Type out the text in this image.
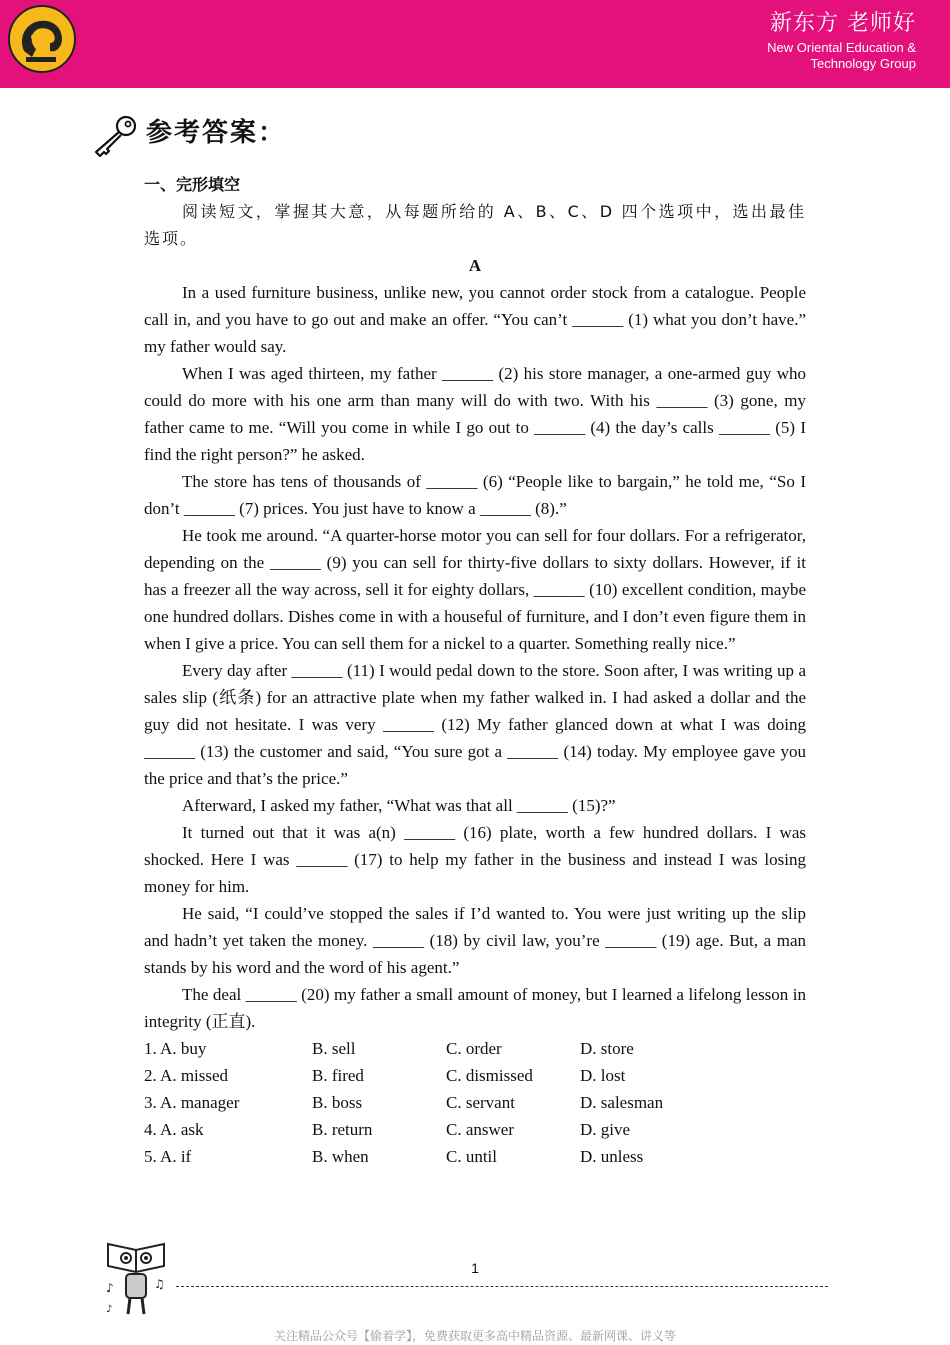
新东方 老师好
New Oriental Education &
Technology Group
参考答案：
一、完形填空
阅读短文，掌握其大意，从每题所给的 A、B、C、D 四个选项中，选出最佳选项。
A
In a used furniture business, unlike new, you cannot order stock from a catalogue. People call in, and you have to go out and make an offer. “You can’t ______ (1) what you don’t have.” my father would say.
When I was aged thirteen, my father ______ (2) his store manager, a one-armed guy who could do more with his one arm than many will do with two. With his ______ (3) gone, my father came to me. “Will you come in while I go out to ______ (4) the day’s calls ______ (5) I find the right person?” he asked.
The store has tens of thousands of ______ (6) “People like to bargain,” he told me, “So I don’t ______ (7) prices. You just have to know a ______ (8).”
He took me around. “A quarter-horse motor you can sell for four dollars. For a refrigerator, depending on the ______ (9) you can sell for thirty-five dollars to sixty dollars. However, if it has a freezer all the way across, sell it for eighty dollars, ______ (10) excellent condition, maybe one hundred dollars. Dishes come in with a houseful of furniture, and I don’t even figure them in when I give a price. You can sell them for a nickel to a quarter. Something really nice.”
Every day after ______ (11) I would pedal down to the store. Soon after, I was writing up a sales slip (纸条) for an attractive plate when my father walked in. I had asked a dollar and the guy did not hesitate. I was very ______ (12) My father glanced down at what I was doing ______ (13) the customer and said, “You sure got a ______ (14) today. My employee gave you the price and that’s the price.”
Afterward, I asked my father, “What was that all ______ (15)?”
It turned out that it was a(n) ______ (16) plate, worth a few hundred dollars. I was shocked. Here I was ______ (17) to help my father in the business and instead I was losing money for him.
He said, “I could’ve stopped the sales if I’d wanted to. You were just writing up the slip and hadn’t yet taken the money. ______ (18) by civil law, you’re ______ (19) age. But, a man stands by his word and the word of his agent.”
The deal ______ (20) my father a small amount of money, but I learned a lifelong lesson in integrity (正直).
1. A. buy	B. sell	C. order	D. store
2. A. missed	B. fired	C. dismissed	D. lost
3. A. manager	B. boss	C. servant	D. salesman
4. A. ask	B. return	C. answer	D. give
5. A. if	B. when	C. until	D. unless
♪	♫
♪
1
关注精品公众号【偷着学】，免费获取更多高中精品资源、最新网课、讲义等
